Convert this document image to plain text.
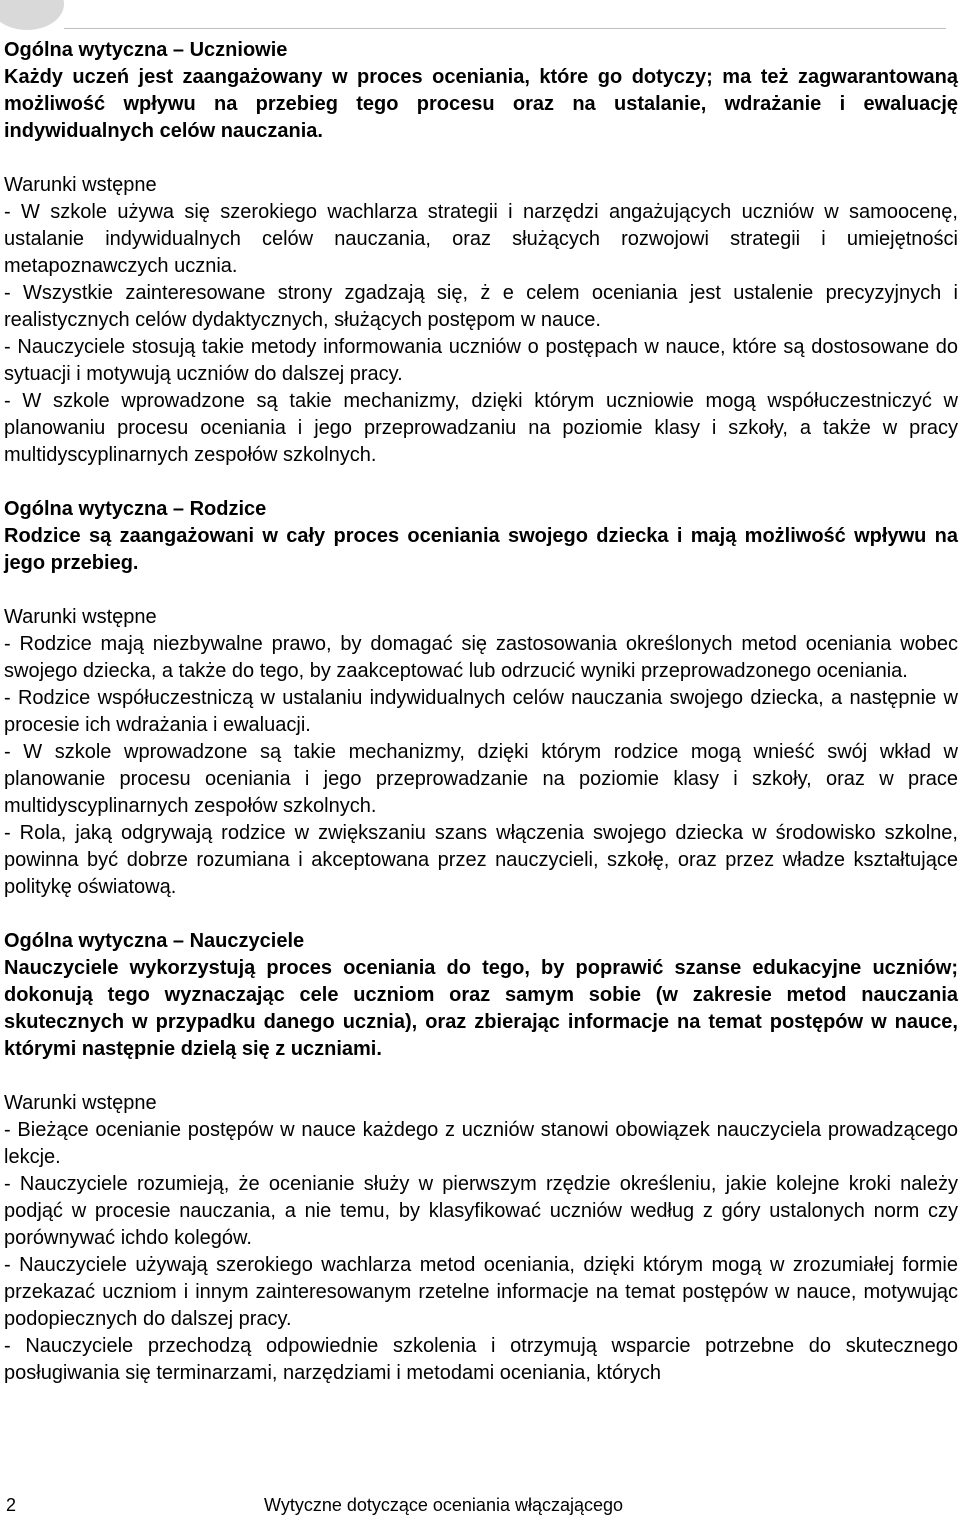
Ogólna wytyczna – Uczniowie

Każdy uczeń jest zaangażowany w proces oceniania, które go dotyczy; ma też zagwarantowaną możliwość wpływu na przebieg tego procesu oraz na ustalanie, wdrażanie i ewaluację indywidualnych celów nauczania.

Warunki wstępne

- W szkole używa się szerokiego wachlarza strategii i narzędzi angażujących uczniów w samoocenę, ustalanie indywidualnych celów nauczania, oraz służących rozwojowi strategii i umiejętności metapoznawczych ucznia.

- Wszystkie zainteresowane strony zgadzają się, ż e celem oceniania jest ustalenie precyzyjnych i realistycznych celów dydaktycznych, służących postępom w nauce.

- Nauczyciele stosują takie metody informowania uczniów o postępach w nauce, które są dostosowane do sytuacji i motywują uczniów do dalszej pracy.

- W szkole wprowadzone są takie mechanizmy, dzięki którym uczniowie mogą współuczestniczyć w planowaniu procesu oceniania i jego przeprowadzaniu na poziomie klasy i szkoły, a także w pracy multidyscyplinarnych zespołów szkolnych.

Ogólna wytyczna – Rodzice

Rodzice są zaangażowani w cały proces oceniania swojego dziecka i mają możliwość wpływu na jego przebieg.

Warunki wstępne

- Rodzice mają niezbywalne prawo, by domagać się zastosowania określonych metod oceniania wobec swojego dziecka, a także do tego, by zaakceptować lub odrzucić wyniki przeprowadzonego oceniania.

- Rodzice współuczestniczą w ustalaniu indywidualnych celów nauczania swojego dziecka, a następnie w procesie ich wdrażania i ewaluacji.

- W szkole wprowadzone są takie mechanizmy, dzięki którym rodzice mogą wnieść swój wkład w planowanie procesu oceniania i jego przeprowadzanie na poziomie klasy i szkoły, oraz w prace multidyscyplinarnych zespołów szkolnych.

- Rola, jaką odgrywają rodzice w zwiększaniu szans włączenia swojego dziecka w środowisko szkolne, powinna być dobrze rozumiana i akceptowana przez nauczycieli, szkołę, oraz przez władze kształtujące politykę oświatową.

Ogólna wytyczna – Nauczyciele

Nauczyciele wykorzystują proces oceniania do tego, by poprawić szanse edukacyjne uczniów; dokonują tego wyznaczając cele uczniom oraz samym sobie (w zakresie metod nauczania skutecznych w przypadku danego ucznia), oraz zbierając informacje na temat postępów w nauce, którymi następnie dzielą się z uczniami.

Warunki wstępne

- Bieżące ocenianie postępów w nauce każdego z uczniów stanowi obowiązek nauczyciela prowadzącego lekcje.

- Nauczyciele rozumieją, że ocenianie służy w pierwszym rzędzie określeniu, jakie kolejne kroki należy podjąć w procesie nauczania, a nie temu, by klasyfikować uczniów według z góry ustalonych norm czy porównywać ichdo kolegów.

- Nauczyciele używają szerokiego wachlarza metod oceniania, dzięki którym mogą w zrozumiałej formie przekazać uczniom i innym zainteresowanym rzetelne informacje na temat postępów w nauce, motywując podopiecznych do dalszej pracy.

- Nauczyciele przechodzą odpowiednie szkolenia i otrzymują wsparcie potrzebne do skutecznego posługiwania się terminarzami, narzędziami i metodami oceniania, których

2	Wytyczne dotyczące oceniania włączającego
